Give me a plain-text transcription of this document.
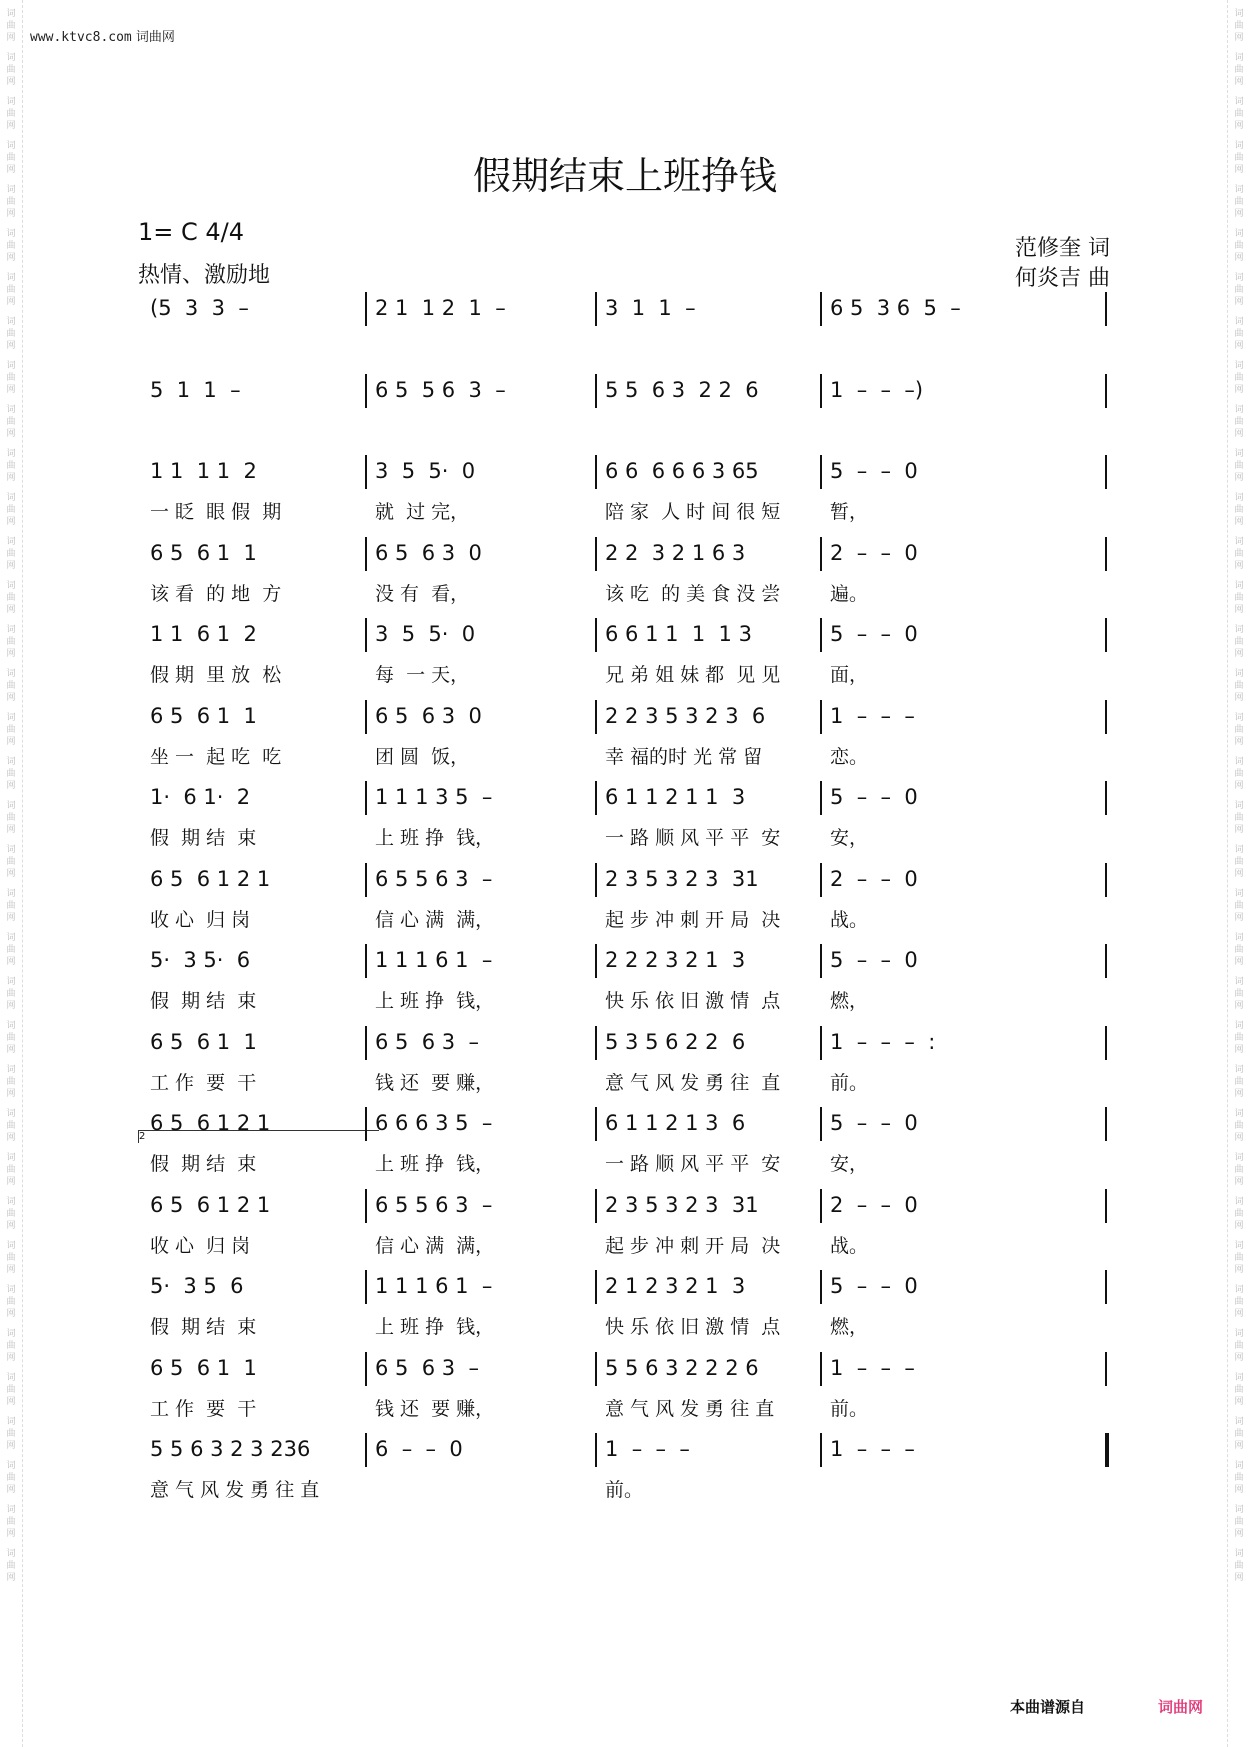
词
曲
网
词
曲
网
词
曲
网
词
曲
网
词
曲
网
词
曲
网
词
曲
网
词
曲
网
词
曲
网
词
曲
网
词
曲
网
词
曲
网
词
曲
网
词
曲
网
词
曲
网
词
曲
网
词
曲
网
词
曲
网
词
曲
网
词
曲
网
词
曲
网
词
曲
网
词
曲
网
词
曲
网
词
曲
网
词
曲
网
词
曲
网
词
曲
网
词
曲
网
词
曲
网
词
曲
网
词
曲
网
词
曲
网
词
曲
网
词
曲
网
词
曲
网
词
曲
网
词
曲
网
词
曲
网
词
曲
网
词
曲
网
词
曲
网
词
曲
网
词
曲
网
词
曲
网
词
曲
网
词
曲
网
词
曲
网
词
曲
网
词
曲
网
词
曲
网
词
曲
网
词
曲
网
词
曲
网
词
曲
网
词
曲
网
词
曲
网
词
曲
网
词
曲
网
词
曲
网
词
曲
网
词
曲
网
词
曲
网
词
曲
网
词
曲
网
词
曲
网
词
曲
网
词
曲
网
词
曲
网
词
曲
网
词
曲
网
词
曲
网
www.ktvc8.com 词曲网
假期结束上班挣钱
1= C 4/4
热情、激励地
范修奎 词
何炎吉 曲
2
(5  3  3  –	2 1  1 2  1  –	3  1  1  –	6 5  3 6  5  –
5  1  1  –	6 5  5 6  3  –	5 5  6 3  2 2  6	1  –  –  –)
1 1  1 1  2	3  5  5·  0	6 6  6 6 6 3 65	5  –  –  0
一 眨  眼 假  期	就  过 完，	陪 家  人 时 间 很 短	暂，
6 5  6 1  1	6 5  6 3  0	2 2  3 2 1 6 3	2  –  –  0
该 看  的 地  方	没 有  看，	该 吃  的 美 食 没 尝	遍。
1 1  6 1  2	3  5  5·  0	6 6 1 1  1  1 3	5  –  –  0
假 期  里 放  松	每  一 天，	兄 弟 姐 妹 都  见 见	面，
6 5  6 1  1	6 5  6 3  0	2 2 3 5 3 2 3  6	1  –  –  –
坐 一  起 吃  吃	团 圆  饭，	幸 福的时 光 常 留	恋。
1·  6 1·  2	1 1 1 3 5  –	6 1 1 2 1 1  3	5  –  –  0
假  期 结  束	上 班 挣  钱，	一 路 顺 风 平 平  安	安，
6 5  6 1 2 1	6 5 5 6 3  –	2 3 5 3 2 3  31	2  –  –  0
收 心  归 岗	信 心 满  满，	起 步 冲 刺 开 局  决	战。
5·  3 5·  6	1 1 1 6 1  –	2 2 2 3 2 1  3	5  –  –  0
假  期 结  束	上 班 挣  钱，	快 乐 依 旧 激 情  点	燃，
6 5  6 1  1	6 5  6 3  –	5 3 5 6 2 2  6	1  –  –  –  :
工 作  要  干	钱 还  要 赚，	意 气 风 发 勇 往  直	前。
6 5  6 1 2 1	6 6 6 3 5  –	6 1 1 2 1 3  6	5  –  –  0
假  期 结  束	上 班 挣  钱，	一 路 顺 风 平 平  安	安，
6 5  6 1 2 1	6 5 5 6 3  –	2 3 5 3 2 3  31	2  –  –  0
收 心  归 岗	信 心 满  满，	起 步 冲 刺 开 局  决	战。
5·  3 5  6	1 1 1 6 1  –	2 1 2 3 2 1  3	5  –  –  0
假  期 结  束	上 班 挣  钱，	快 乐 依 旧 激 情  点	燃，
6 5  6 1  1	6 5  6 3  –	5 5 6 3 2 2 2 6	1  –  –  –
工 作  要  干	钱 还  要 赚，	意 气 风 发 勇 往 直	前。
5 5 6 3 2 3 236	6  –  –  0	1  –  –  –	1  –  –  –
意 气 风 发 勇 往 直	前。
本曲谱源自	词曲网
